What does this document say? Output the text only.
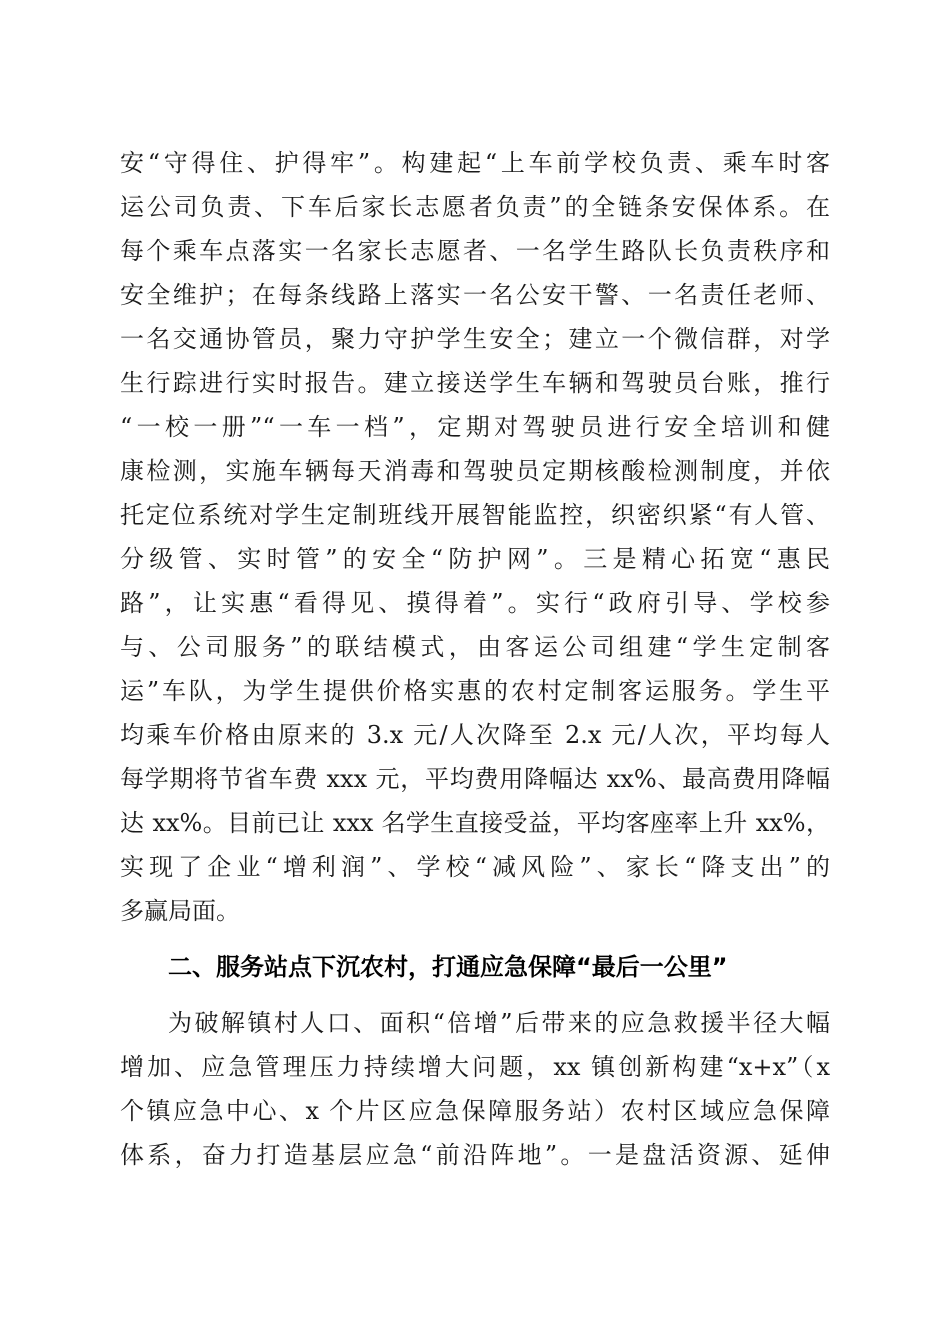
安“守得住、护得牢”。构建起“上车前学校负责、乘车时客
运公司负责、下车后家长志愿者负责”的全链条安保体系。在
每个乘车点落实一名家长志愿者、一名学生路队长负责秩序和
安全维护；在每条线路上落实一名公安干警、一名责任老师、
一名交通协管员，聚力守护学生安全；建立一个微信群，对学
生行踪进行实时报告。建立接送学生车辆和驾驶员台账，推行
“一校一册”“一车一档”，定期对驾驶员进行安全培训和健
康检测，实施车辆每天消毒和驾驶员定期核酸检测制度，并依
托定位系统对学生定制班线开展智能监控，织密织紧“有人管、
分级管、实时管”的安全“防护网”。三是精心拓宽“惠民
路”，让实惠“看得见、摸得着”。实行“政府引导、学校参
与、公司服务”的联结模式，由客运公司组建“学生定制客
运”车队，为学生提供价格实惠的农村定制客运服务。学生平
均乘车价格由原来的 3.x 元/人次降至 2.x 元/人次，平均每人
每学期将节省车费 xxx 元，平均费用降幅达 xx%、最高费用降幅
达 xx%。目前已让 xxx 名学生直接受益，平均客座率上升 xx%，
实现了企业“增利润”、学校“减风险”、家长“降支出”的
多赢局面。
二、服务站点下沉农村，打通应急保障“最后一公里”
为破解镇村人口、面积“倍增”后带来的应急救援半径大幅
增加、应急管理压力持续增大问题，xx 镇创新构建“x+x”（x
个镇应急中心、x 个片区应急保障服务站）农村区域应急保障
体系，奋力打造基层应急“前沿阵地”。一是盘活资源、延伸
